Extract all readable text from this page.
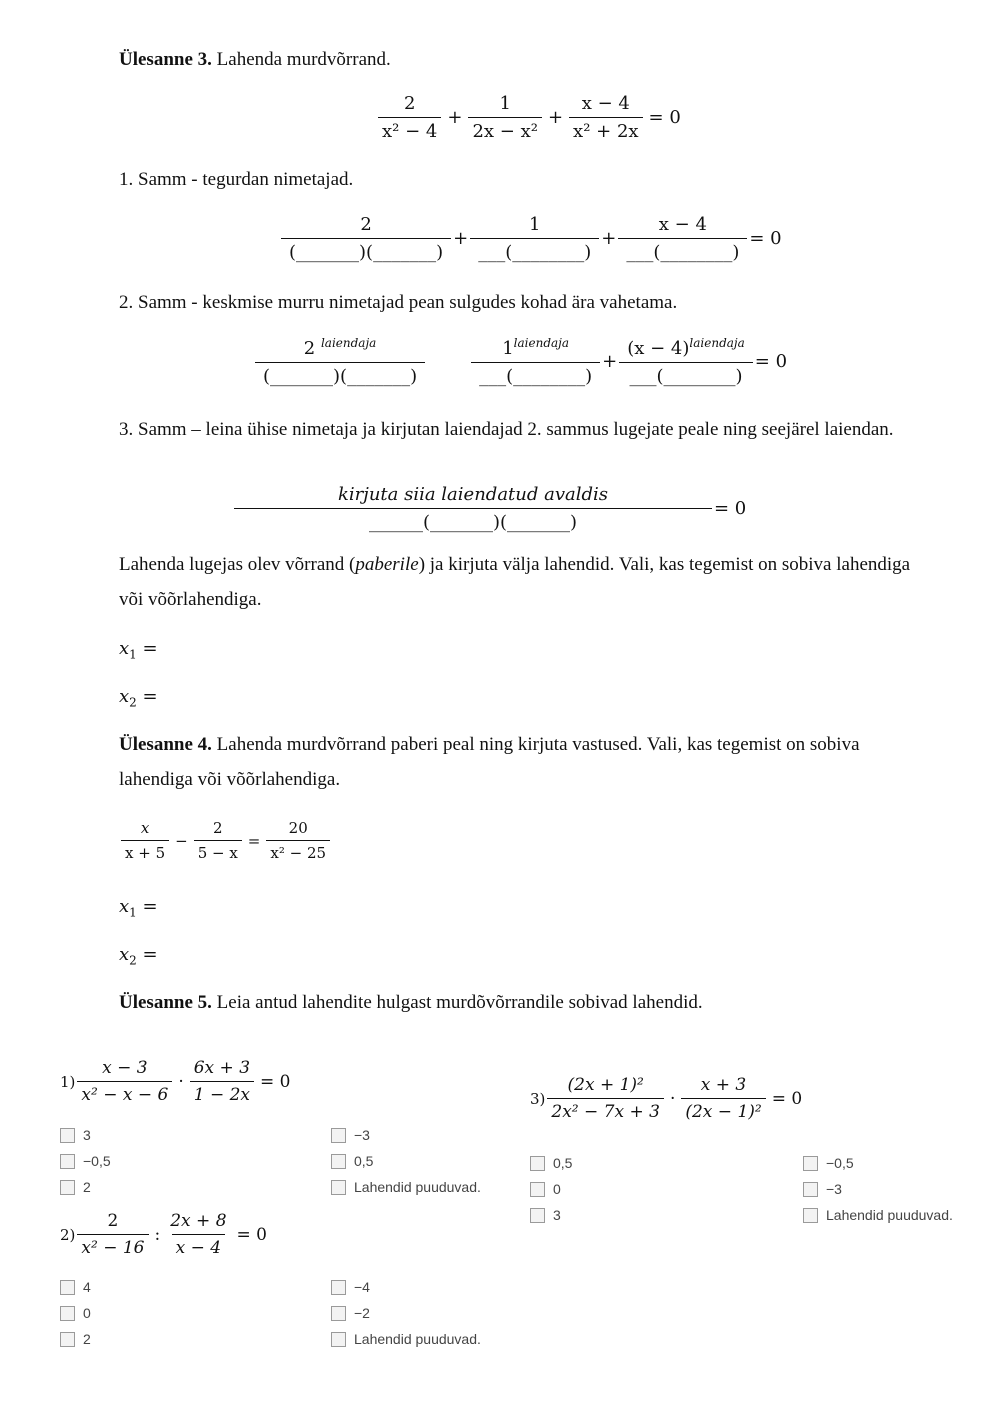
Ülesanne 3. Lahenda murdvõrrand.
$\frac{2}{\text{x² − 4}} + \frac{1}{\text{2x − x²}} + \frac{x - 4}{\text{x² + 2x}} = 0$
1. Samm - tegurdan nimetajad.
$\frac{2}{(\_\_\_\_\_\_\_)(\_\_\_\_\_\_\_)} + \frac{1}{\_\_\_(\_\_\_\_\_\_\_\_)} + \frac{x - 4}{\_\_\_(\_\_\_\_\_\_\_\_)} = 0$
2. Samm - keskmise murru nimetajad pean sulgudes kohad ära vahetama.
$\frac{2 ^{laiendaja}}{(\_\_\_\_\_\_\_)(\_\_\_\_\_\_\_)}$	$\frac{1^{laiendaja}}{\_\_\_(\_\_\_\_\_\_\_\_)} + \frac{(x - 4)^{laiendaja}}{\_\_\_(\_\_\_\_\_\_\_\_)} = 0$
3. Samm – leina ühise nimetaja ja kirjutan laiendajad 2. sammus lugejate peale ning seejärel laiendan.
$\frac{\text{kirjuta siia laiendatud avaldis}}{\_\_\_\_\_\_(\_\_\_\_\_\_\_)(\_\_\_\_\_\_\_)} = 0$
Lahenda lugejas olev võrrand (paberile) ja kirjuta välja lahendid. Vali, kas tegemist on sobiva lahendiga või võõrlahendiga.
$x_1$ =
$x_2$ =
Ülesanne 4. Lahenda murdvõrrand paberi peal ning kirjuta vastused. Vali, kas tegemist on sobiva lahendiga või võõrlahendiga.
$\frac{x}{x + 5} - \frac{2}{5 - x} = \frac{20}{\text{x² − 25}}$
$x_1$ =
$x_2$ =
Ülesanne 5. Leia antud lahendite hulgast murdõvõrrandile sobivad lahendid.
$1) \frac{x - 3}{\text{x² − x − 6}} \cdot \frac{6x + 3}{1 - 2x} = 0$
3	−3
−0,5	0,5
2	Lahendid puuduvad.
$2) \frac{2}{\text{x² − 16}}$ : $\frac{2x + 8}{x - 4} = 0$
4	−4
0	−2
2	Lahendid puuduvad.
$3) \frac{\text{(2x + 1)²}}{\text{2x² − 7x + 3}} \cdot \frac{x + 3}{\text{(2x − 1)²}} = 0$
0,5	−0,5
0	−3
3	Lahendid puuduvad.
